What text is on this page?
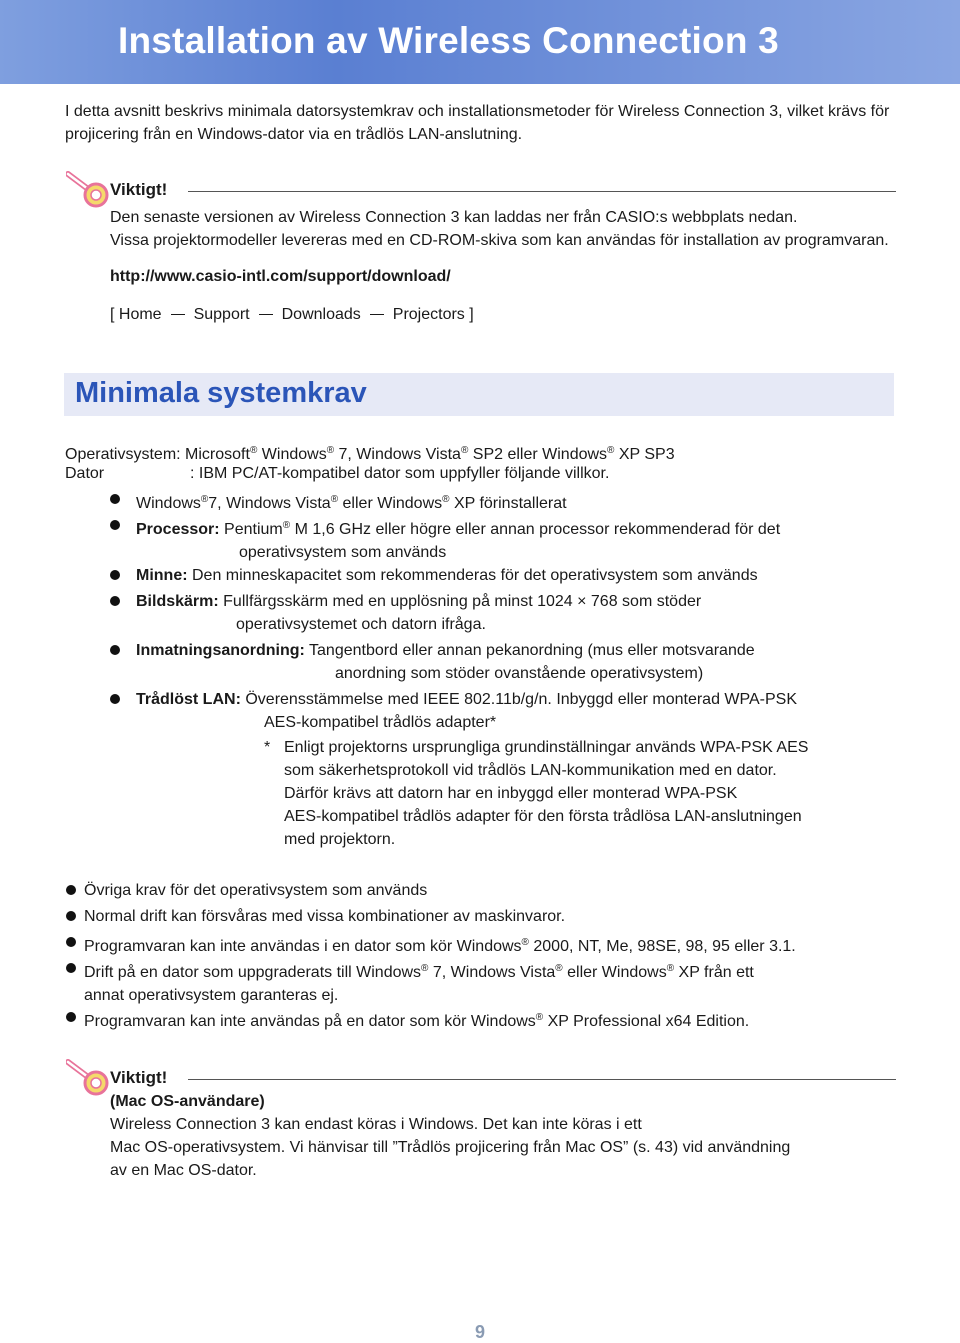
Installation av Wireless Connection 3
I detta avsnitt beskrivs minimala datorsystemkrav och installationsmetoder för Wireless Connection 3, vilket krävs för projicering från en Windows-dator via en trådlös LAN-anslutning.
Viktigt!

Den senaste versionen av Wireless Connection 3 kan laddas ner från CASIO:s webbplats nedan.

Vissa projektormodeller levereras med en CD-ROM-skiva som kan användas för installation av programvaran.

http://www.casio-intl.com/support/download/

[ Home Support Downloads Projectors ]

Minimala systemkrav
Operativsystem: Microsoft® Windows® 7, Windows Vista® SP2 eller Windows® XP SP3
Dator	: IBM PC/AT-kompatibel dator som uppfyller följande villkor.
Windows®7, Windows Vista® eller Windows® XP förinstallerat
Processor: Pentium® M 1,6 GHz eller högre eller annan processor rekommenderad för det
operativsystem som används
Minne: Den minneskapacitet som rekommenderas för det operativsystem som används
Bildskärm: Fullfärgsskärm med en upplösning på minst 1024 × 768 som stöder
operativsystemet och datorn ifråga.
Inmatningsanordning: Tangentbord eller annan pekanordning (mus eller motsvarande
anordning som stöder ovanstående operativsystem)
Trådlöst LAN: Överensstämmelse med IEEE 802.11b/g/n. Inbyggd eller monterad WPA-PSK
AES-kompatibel trådlös adapter*
* Enligt projektorns ursprungliga grundinställningar används WPA-PSK AES
som säkerhetsprotokoll vid trådlös LAN-kommunikation med en dator.
Därför krävs att datorn har en inbyggd eller monterad WPA-PSK
AES-kompatibel trådlös adapter för den första trådlösa LAN-anslutningen
med projektorn.
Övriga krav för det operativsystem som används
Normal drift kan försvåras med vissa kombinationer av maskinvaror.
Programvaran kan inte användas i en dator som kör Windows® 2000, NT, Me, 98SE, 98, 95 eller 3.1.
Drift på en dator som uppgraderats till Windows® 7, Windows Vista® eller Windows® XP från ett
annat operativsystem garanteras ej.
Programvaran kan inte användas på en dator som kör Windows® XP Professional x64 Edition.
Viktigt!

(Mac OS-användare)

Wireless Connection 3 kan endast köras i Windows. Det kan inte köras i ett

Mac OS-operativsystem. Vi hänvisar till ”Trådlös projicering från Mac OS” (s. 43) vid användning

av en Mac OS-dator.

9
